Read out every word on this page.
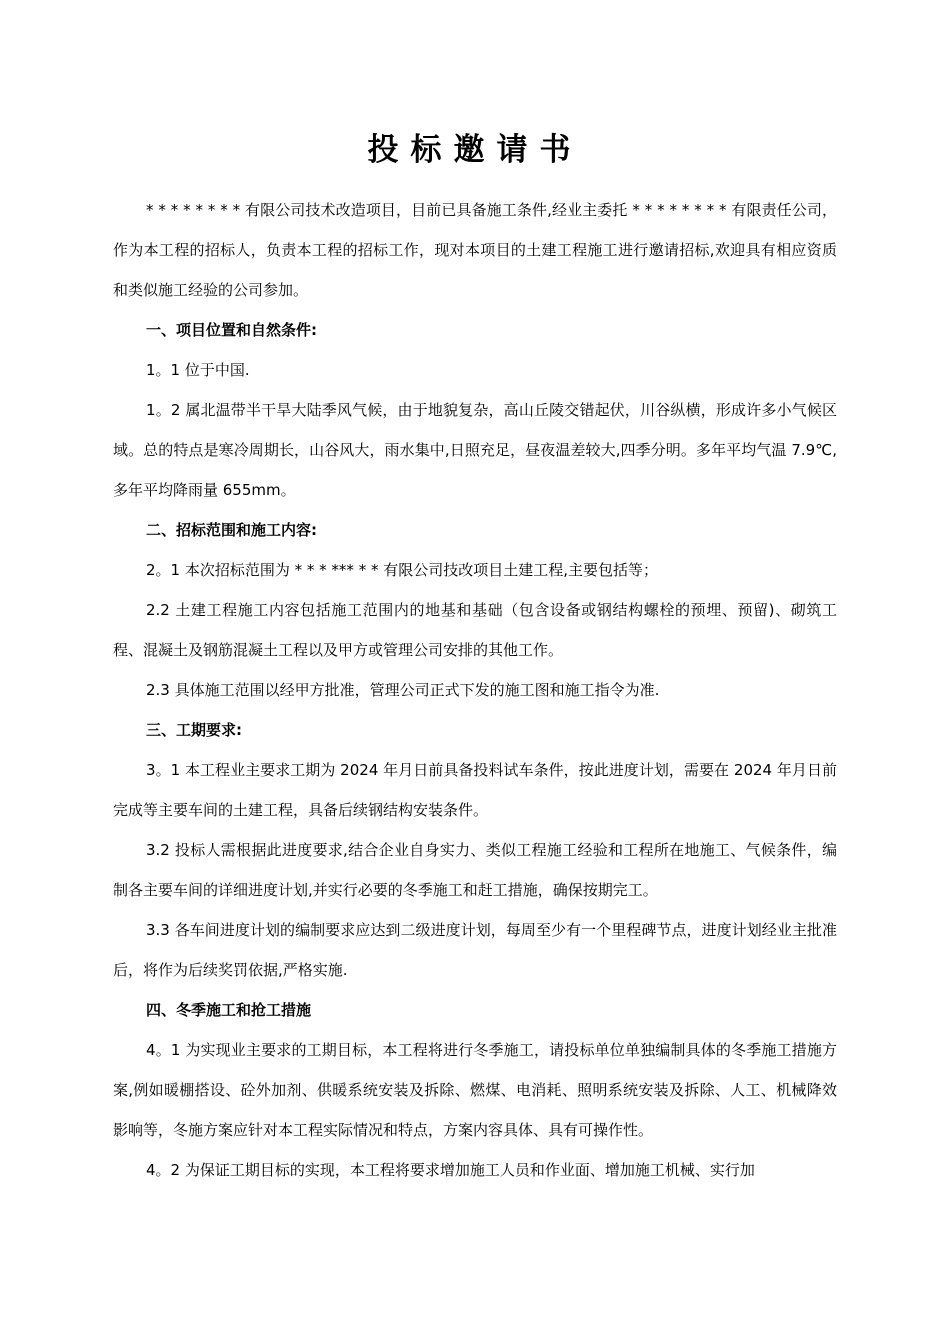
投标邀请书

* * * * * * * * 有限公司技术改造项目，目前已具备施工条件,经业主委托 * * * * * * * * 有限责任公司，作为本工程的招标人，负责本工程的招标工作，现对本项目的土建工程施工进行邀请招标,欢迎具有相应资质和类似施工经验的公司参加。

一、项目位置和自然条件:

1。1 位于中国.

1。2 属北温带半干旱大陆季风气候，由于地貌复杂，高山丘陵交错起伏，川谷纵横，形成许多小气候区域。总的特点是寒冷周期长，山谷风大，雨水集中,日照充足，昼夜温差较大,四季分明。多年平均气温 7.9℃,多年平均降雨量 655mm。

二、招标范围和施工内容:

2。1 本次招标范围为 * * * *** * * 有限公司技改项目土建工程,主要包括等；

2.2 土建工程施工内容包括施工范围内的地基和基础（包含设备或钢结构螺栓的预埋、预留)、砌筑工程、混凝土及钢筋混凝土工程以及甲方或管理公司安排的其他工作。

2.3 具体施工范围以经甲方批准，管理公司正式下发的施工图和施工指令为准.

三、工期要求:

3。1 本工程业主要求工期为 2024 年月日前具备投料试车条件，按此进度计划，需要在 2024 年月日前完成等主要车间的土建工程，具备后续钢结构安装条件。

3.2 投标人需根据此进度要求,结合企业自身实力、类似工程施工经验和工程所在地施工、气候条件，编制各主要车间的详细进度计划,并实行必要的冬季施工和赶工措施，确保按期完工。

3.3 各车间进度计划的编制要求应达到二级进度计划，每周至少有一个里程碑节点，进度计划经业主批准后，将作为后续奖罚依据,严格实施.

四、冬季施工和抢工措施

4。1 为实现业主要求的工期目标，本工程将进行冬季施工，请投标单位单独编制具体的冬季施工措施方案,例如暖棚搭设、砼外加剂、供暖系统安装及拆除、燃煤、电消耗、照明系统安装及拆除、人工、机械降效影响等，冬施方案应针对本工程实际情况和特点，方案内容具体、具有可操作性。

4。2 为保证工期目标的实现，本工程将要求增加施工人员和作业面、增加施工机械、实行加
